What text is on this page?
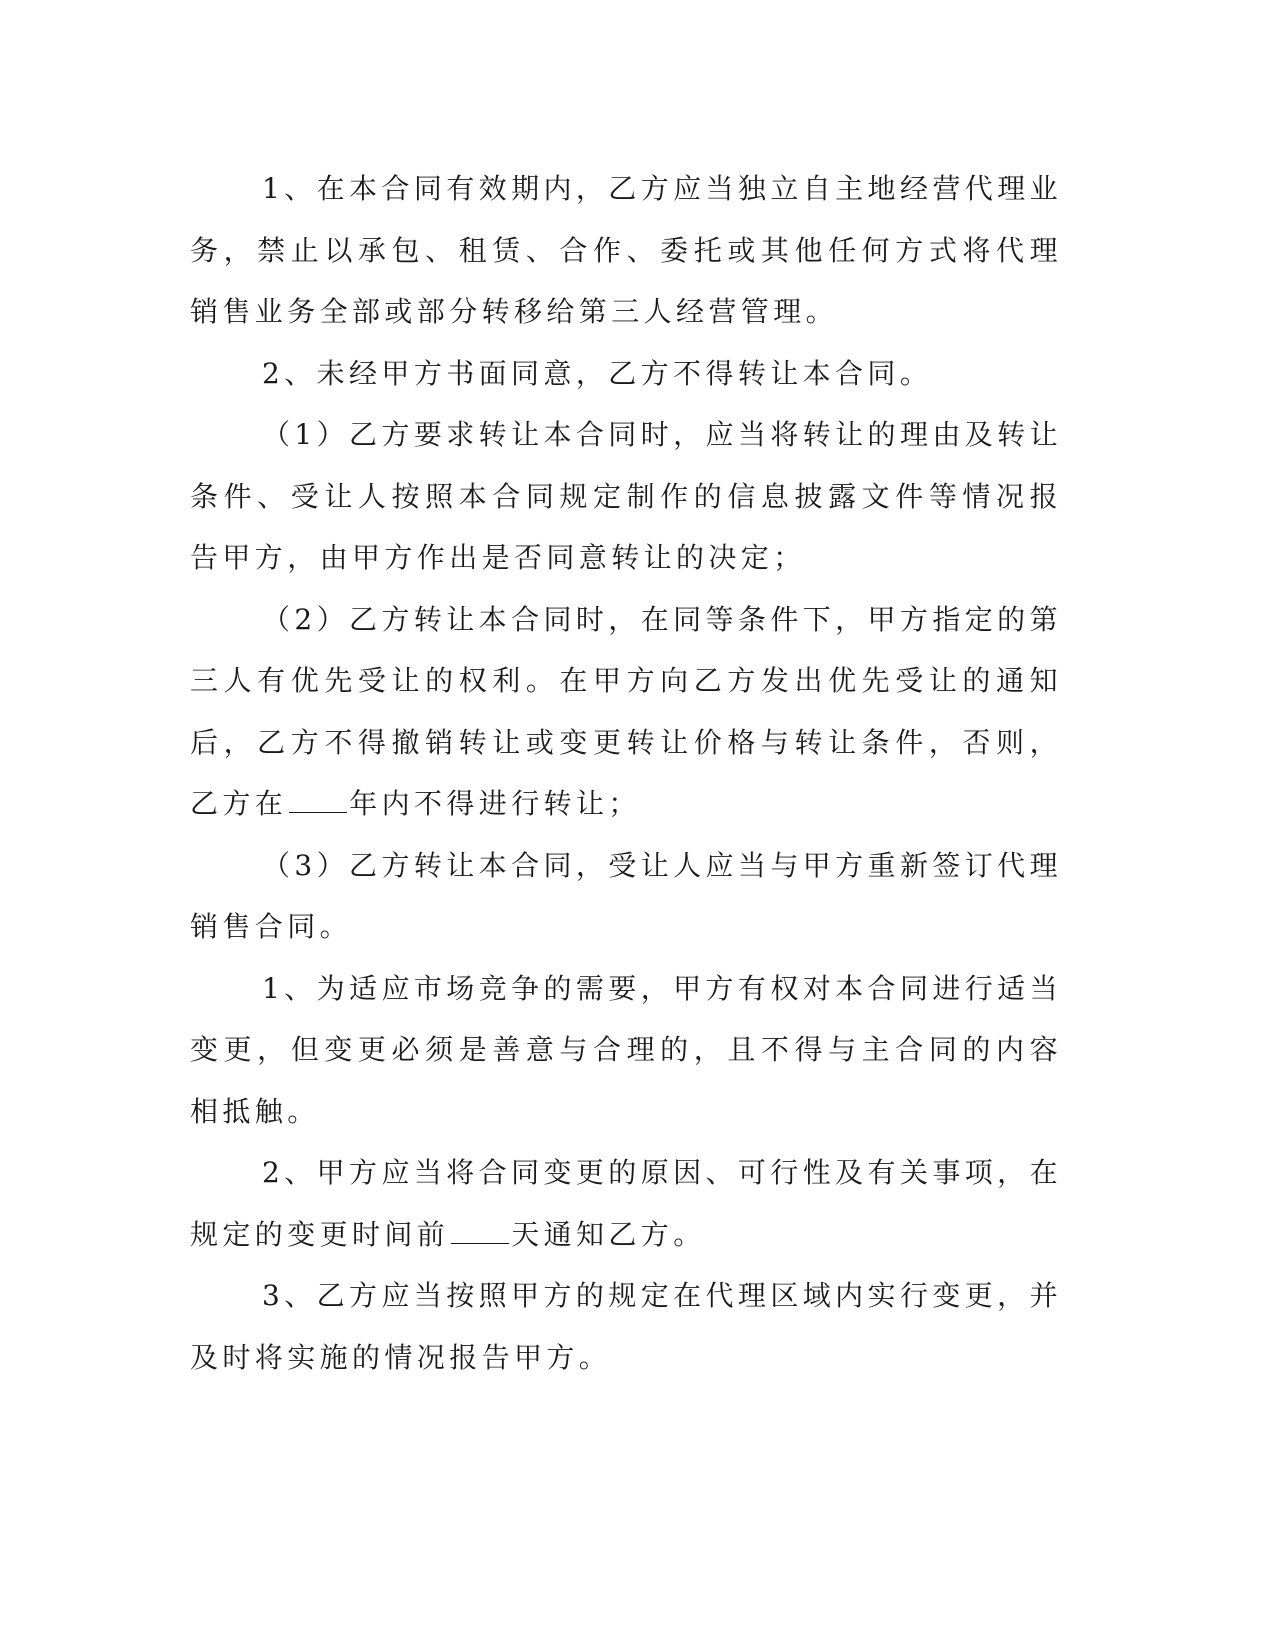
1、在本合同有效期内，乙方应当独立自主地经营代理业务，禁止以承包、租赁、合作、委托或其他任何方式将代理销售业务全部或部分转移给第三人经营管理。

2、未经甲方书面同意，乙方不得转让本合同。

（1）乙方要求转让本合同时，应当将转让的理由及转让条件、受让人按照本合同规定制作的信息披露文件等情况报告甲方，由甲方作出是否同意转让的决定；

（2）乙方转让本合同时，在同等条件下，甲方指定的第三人有优先受让的权利。在甲方向乙方发出优先受让的通知后，乙方不得撤销转让或变更转让价格与转让条件，否则，乙方在 年内不得进行转让；

（3）乙方转让本合同，受让人应当与甲方重新签订代理销售合同。

1、为适应市场竞争的需要，甲方有权对本合同进行适当变更，但变更必须是善意与合理的，且不得与主合同的内容相抵触。

2、甲方应当将合同变更的原因、可行性及有关事项，在规定的变更时间前 天通知乙方。

3、乙方应当按照甲方的规定在代理区域内实行变更，并及时将实施的情况报告甲方。
